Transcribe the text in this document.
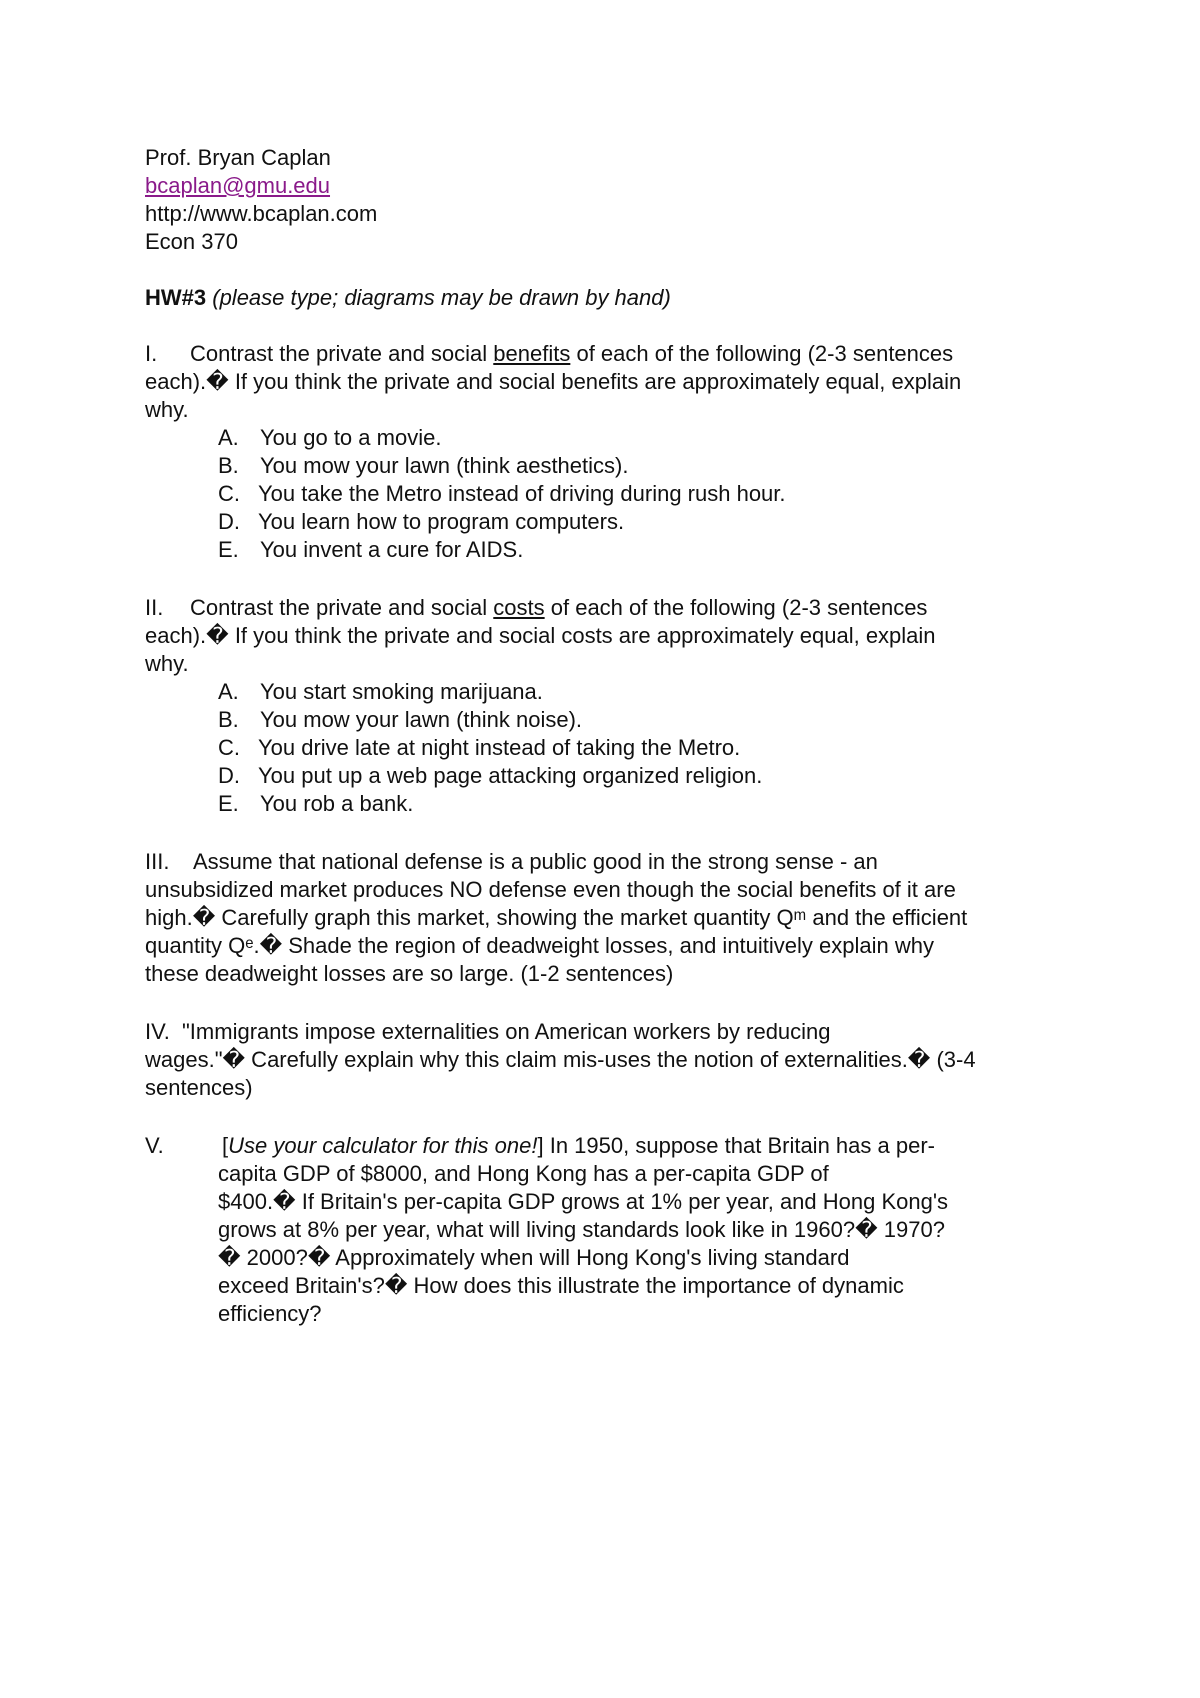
Prof. Bryan Caplan
bcaplan@gmu.edu
http://www.bcaplan.com
Econ 370
HW#3 (please type; diagrams may be drawn by hand)
I. Contrast the private and social benefits of each of the following (2-3 sentences
each).� If you think the private and social benefits are approximately equal, explain
why.
A. You go to a movie.
B. You mow your lawn (think aesthetics).
C. You take the Metro instead of driving during rush hour.
D. You learn how to program computers.
E. You invent a cure for AIDS.
II. Contrast the private and social costs of each of the following (2-3 sentences
each).� If you think the private and social costs are approximately equal, explain
why.
A. You start smoking marijuana.
B. You mow your lawn (think noise).
C. You drive late at night instead of taking the Metro.
D. You put up a web page attacking organized religion.
E. You rob a bank.
III. Assume that national defense is a public good in the strong sense - an
unsubsidized market produces NO defense even though the social benefits of it are
high.� Carefully graph this market, showing the market quantity Qᵐ and the efficient
quantity Qᵉ.� Shade the region of deadweight losses, and intuitively explain why
these deadweight losses are so large. (1-2 sentences)
IV. "Immigrants impose externalities on American workers by reducing
wages."� Carefully explain why this claim mis-uses the notion of externalities.� (3-4
sentences)
V.	[Use your calculator for this one!] In 1950, suppose that Britain has a per-
capita GDP of $8000, and Hong Kong has a per-capita GDP of
$400.� If Britain's per-capita GDP grows at 1% per year, and Hong Kong's
grows at 8% per year, what will living standards look like in 1960?� 1970?
� 2000?� Approximately when will Hong Kong's living standard
exceed Britain's?� How does this illustrate the importance of dynamic
efficiency?
